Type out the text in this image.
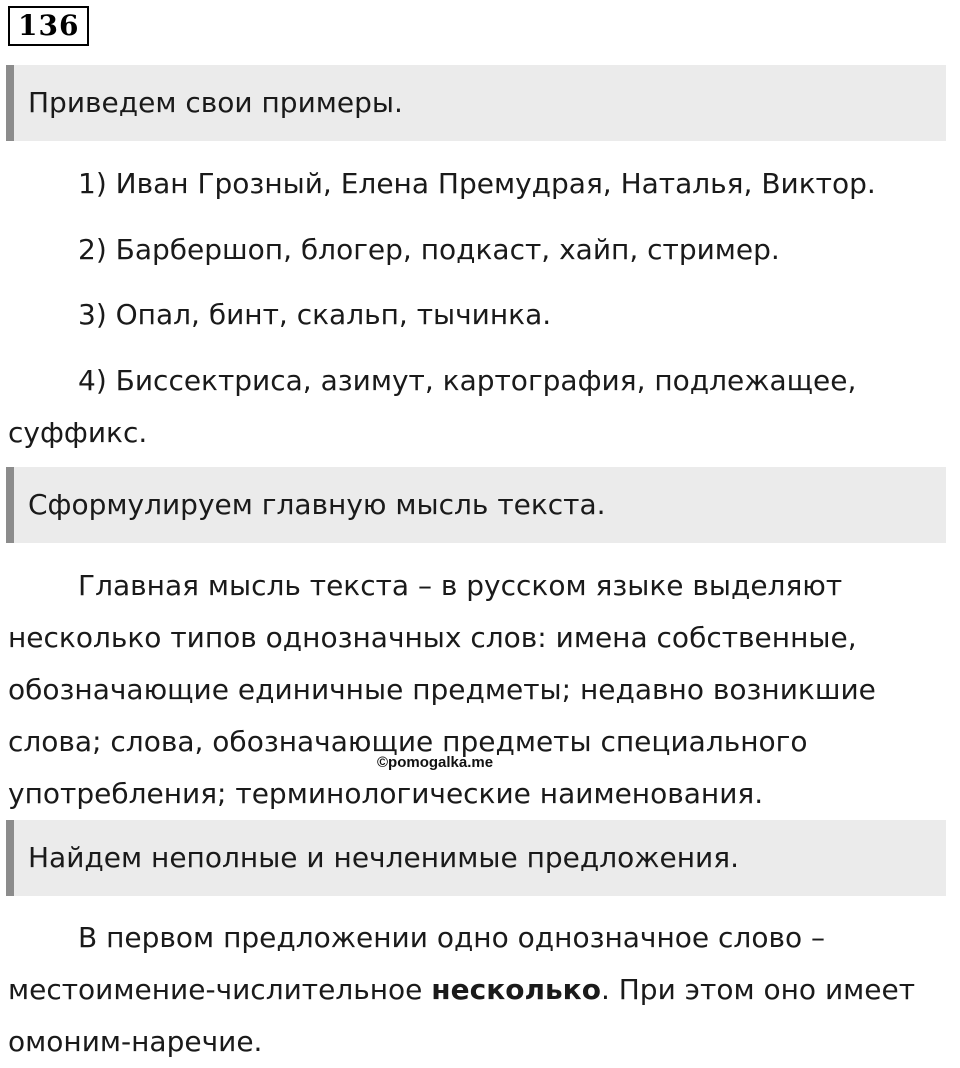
136
Приведем свои примеры.

1) Иван Грозный, Елена Премудрая, Наталья, Виктор.

2) Барбершоп, блогер, подкаст, хайп, стример.

3) Опал, бинт, скальп, тычинка.

4) Биссектриса, азимут, картография, подлежащее, суффикс.

Сформулируем главную мысль текста.

Главная мысль текста – в русском языке выделяют несколько типов однозначных слов: имена собственные, обозначающие единичные предметы; недавно возникшие слова; слова, обозначающие предметы специального употребления; терминологические наименования.

©pomogalka.me
Найдем неполные и нечленимые предложения.

В первом предложении одно однозначное слово – местоимение-числительное несколько. При этом оно имеет омоним-наречие.
